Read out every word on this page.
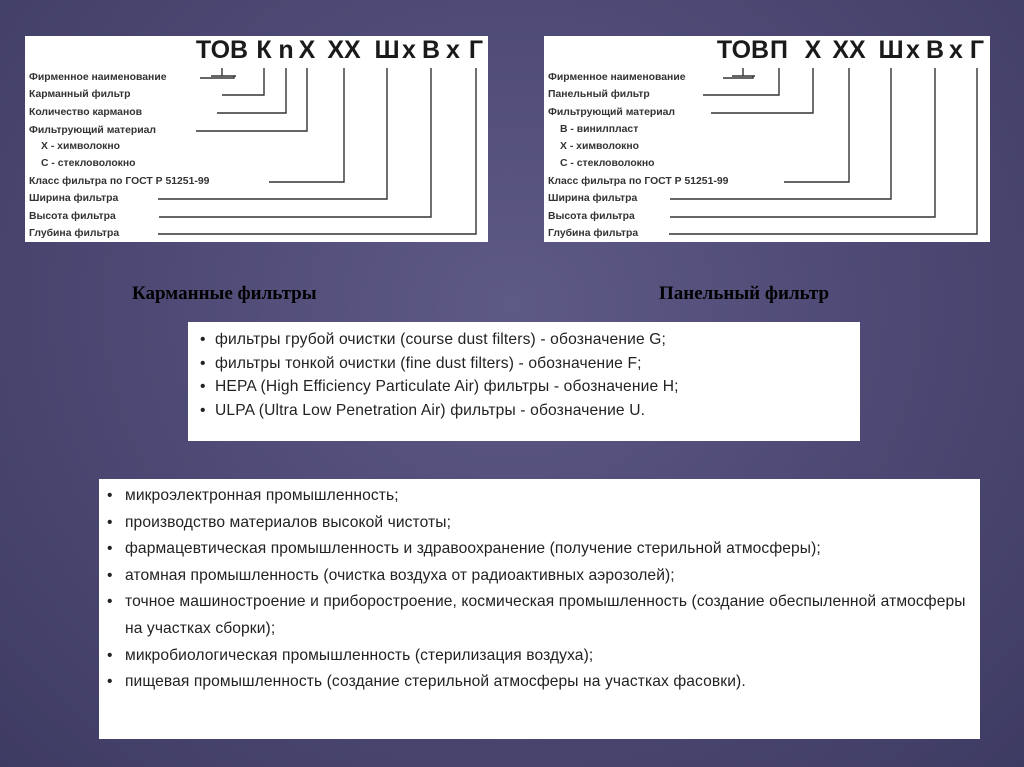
ТОВ К n Х ХХ Ш х В х Г
Фирменное наименование
Карманный фильтр
Количество карманов
Фильтрующий материал
Х - химволокно
С - стекловолокно
Класс фильтра по ГОСТ Р 51251-99
Ширина фильтра
Высота фильтра
Глубина фильтра
ТОВ П Х ХХ Ш х В х Г
Фирменное наименование
Панельный фильтр
Фильтрующий материал
В - винилпласт
Х - химволокно
С - стекловолокно
Класс фильтра по ГОСТ Р 51251-99
Ширина фильтра
Высота фильтра
Глубина фильтра
Карманные фильтры	Панельный фильтр
• фильтры грубой очистки (course dust filters) - обозначение G;
• фильтры тонкой очистки (fine dust filters) - обозначение F;
• HEPA (High Efficiency Particulate Air) фильтры - обозначение H;
• ULPA (Ultra Low Penetration Air) фильтры - обозначение U.
• микроэлектронная промышленность;
• производство материалов высокой чистоты;
• фармацевтическая промышленность и здравоохранение (получение стерильной атмосферы);
• атомная промышленность (очистка воздуха от радиоактивных аэрозолей);
• точное машиностроение и приборостроение, космическая промышленность (создание обеспыленной атмосферы на участках сборки);
• микробиологическая промышленность (стерилизация воздуха);
• пищевая промышленность (создание стерильной атмосферы на участках фасовки).
